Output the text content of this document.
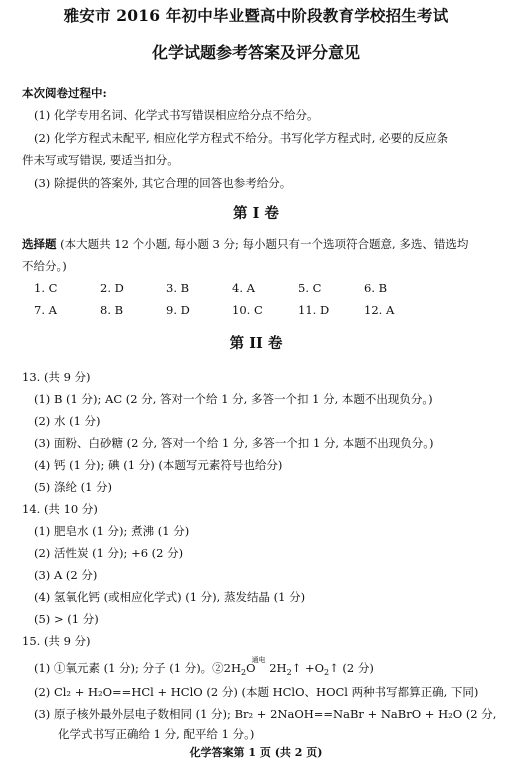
雅安市 2016 年初中毕业暨高中阶段教育学校招生考试
化学试题参考答案及评分意见
本次阅卷过程中:
(1) 化学专用名词、化学式书写错误相应给分点不给分。
(2) 化学方程式未配平, 相应化学方程式不给分。书写化学方程式时, 必要的反应条
件未写或写错误, 要适当扣分。
(3) 除提供的答案外, 其它合理的回答也参考给分。
第 I 卷
选择题 (本大题共 12 个小题, 每小题 3 分; 每小题只有一个选项符合题意, 多选、错选均
不给分。)
1. C	2. D	3. B	4. A	5. C	6. B
7. A	8. B	9. D	10. C	11. D	12. A
第 II 卷
13. (共 9 分)
(1) B (1 分); AC (2 分, 答对一个给 1 分, 多答一个扣 1 分, 本题不出现负分。)
(2) 水 (1 分)
(3) 面粉、白砂糖 (2 分, 答对一个给 1 分, 多答一个扣 1 分, 本题不出现负分。)
(4) 钙 (1 分); 碘 (1 分) (本题写元素符号也给分)
(5) 涤纶 (1 分)
14. (共 10 分)
(1) 肥皂水 (1 分); 煮沸 (1 分)
(2) 活性炭 (1 分); +6 (2 分)
(3) A (2 分)
(4) 氢氧化钙 (或相应化学式) (1 分), 蒸发结晶 (1 分)
(5) > (1 分)
15. (共 9 分)
(1) ①氧元素 (1 分); 分子 (1 分)。$②2H_2O^{通电}$ $2H_2↑$ $+O_2↑$ (2 分)
(2) Cl₂ + H₂O==HCl + HClO (2 分) (本题 HClO、HOCl 两种书写都算正确, 下同)
(3) 原子核外最外层电子数相同 (1 分); Br₂ + 2NaOH==NaBr + NaBrO + H₂O (2 分,
化学式书写正确给 1 分, 配平给 1 分。)
化学答案第 1 页 (共 2 页)
